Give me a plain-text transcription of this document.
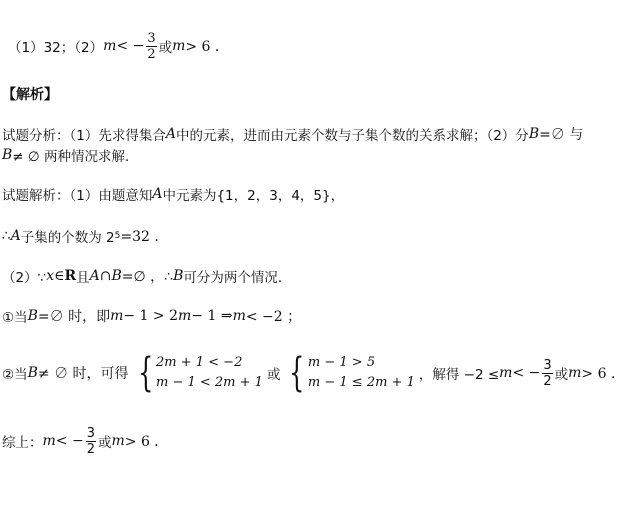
（1）32；（2） m < − $\frac{3}{2}$ 或 m > 6 ．
【解析】
试题分析：（1）先求得集合 A 中的元素，进而由元素个数与子集个数的关系求解；（2）分 B =∅ 与
B ≠ ∅ 两种情况求解．
试题解析：（1）由题意知 A 中元素为{1，2，3，4，5}，
∴ A 子集的个数为 2 5 =32 ．
（2）∵ x ∈ R 且 A ∩ B =∅ ，∴ B 可分为两个情况．
①当 B =∅ 时，即 m − 1 > 2 m − 1 ⇒ m < −2 ；
②当 B ≠ ∅ 时，可得 { 2m + 1 < −2
m − 1 < 2m + 1 或 { m − 1 > 5
m − 1 ≤ 2m + 1 ，解得 −2 ≤ m < − $\frac{3}{2}$ 或 m > 6 ．
综上： m < − $\frac{3}{2}$ 或 m > 6 ．
